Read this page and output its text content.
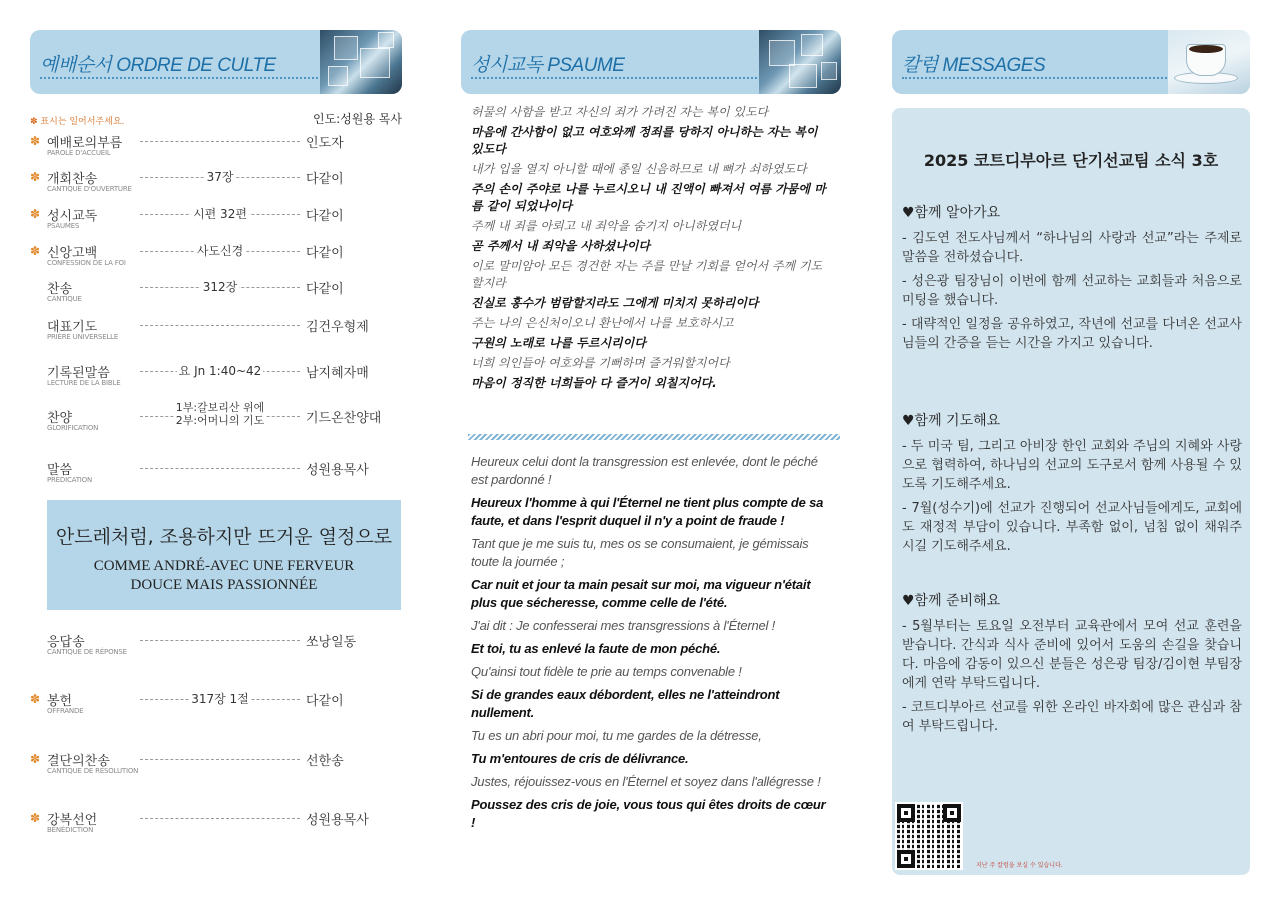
예배순서 ORDRE DE CULTE
✽ 표시는 일어서주세요.	인도:성원용 목사
✽ 예배로의부름
PAROLE D'ACCUEIL
인도자
✽ 개회찬송
CANTIQUE D'OUVERTURE
37장	다같이
✽ 성시교독
PSAUMES
시편 32편	다같이
✽ 신앙고백
CONFESSION DE LA FOI
사도신경	다같이
찬송
CANTIQUE
312장	다같이
대표기도
PRIÈRE UNIVERSELLE
김건우형제
기록된말씀
LECTURE DE LA BIBLE
요 Jn 1:40~42	남지혜자매
찬양
GLORIFICATION
1부:갈보리산 위에
2부:어머니의 기도	기드온찬양대
말씀
PRÉDICATION
성원용목사
응답송
CANTIQUE DE RÉPONSE
쏘낭일동
✽ 봉헌
OFFRANDE
317장 1절	다같이
✽ 결단의찬송
CANTIQUE DE RÉSOLUTION
선한송
✽ 강복선언
BÉNÉDICTION
성원용목사
안드레처럼, 조용하지만 뜨거운 열정으로
COMME ANDRÉ-AVEC UNE FERVEUR
DOUCE MAIS PASSIONNÉE
성시교독 PSAUME

허물의 사함을 받고 자신의 죄가 가려진 자는 복이 있도다

마음에 간사함이 없고 여호와께 정죄를 당하지 아니하는 자는 복이 있도다

내가 입을 열지 아니할 때에 종일 신음하므로 내 뼈가 쇠하였도다

주의 손이 주야로 나를 누르시오니 내 진액이 빠져서 여름 가뭄에 마름 같이 되었나이다

주께 내 죄를 아뢰고 내 죄악을 숨기지 아니하였더니

곧 주께서 내 죄악을 사하셨나이다

이로 말미암아 모든 경건한 자는 주를 만날 기회를 얻어서 주께 기도할지라

진실로 홍수가 범람할지라도 그에게 미치지 못하리이다

주는 나의 은신처이오니 환난에서 나를 보호하시고

구원의 노래로 나를 두르시리이다

너희 의인들아 여호와를 기뻐하며 즐거워할지어다

마음이 정직한 너희들아 다 즐거이 외칠지어다.

Heureux celui dont la transgression est enlevée, dont le péché est pardonné !

Heureux l'homme à qui l'Éternel ne tient plus compte de sa faute, et dans l'esprit duquel il n'y a point de fraude !

Tant que je me suis tu, mes os se consumaient, je gémissais toute la journée ;

Car nuit et jour ta main pesait sur moi, ma vigueur n'était plus que sécheresse, comme celle de l'été.

J'ai dit : Je confesserai mes transgressions à l'Éternel !

Et toi, tu as enlevé la faute de mon péché.

Qu'ainsi tout fidèle te prie au temps convenable !

Si de grandes eaux débordent, elles ne l'atteindront nullement.

Tu es un abri pour moi, tu me gardes de la détresse,

Tu m'entoures de cris de délivrance.

Justes, réjouissez-vous en l'Éternel et soyez dans l'allégresse !

Poussez des cris de joie, vous tous qui êtes droits de cœur !

칼럼 MESSAGES
2025 코트디부아르 단기선교팀 소식 3호
♥함께 알아가요

- 김도연 전도사님께서 “하나님의 사랑과 선교”라는 주제로 말씀을 전하셨습니다.

- 성은광 팀장님이 이번에 함께 선교하는 교회들과 처음으로 미팅을 했습니다.

- 대략적인 일정을 공유하였고, 작년에 선교를 다녀온 선교사님들의 간증을 듣는 시간을 가지고 있습니다.

♥함께 기도해요

- 두 미국 팀, 그리고 아비장 한인 교회와 주님의 지혜와 사랑으로 협력하여, 하나님의 선교의 도구로서 함께 사용될 수 있도록 기도해주세요.

- 7월(성수기)에 선교가 진행되어 선교사님들에게도, 교회에도 재정적 부담이 있습니다. 부족함 없이, 넘침 없이 채워주시길 기도해주세요.

♥함께 준비해요

- 5월부터는 토요일 오전부터 교육관에서 모여 선교 훈련을 받습니다. 간식과 식사 준비에 있어서 도움의 손길을 찾습니다. 마음에 감동이 있으신 분들은 성은광 팀장/김이현 부팀장에게 연락 부탁드립니다.

- 코트디부아르 선교를 위한 온라인 바자회에 많은 관심과 참여 부탁드립니다.

지난 주 칼럼을 보실 수 있습니다.
